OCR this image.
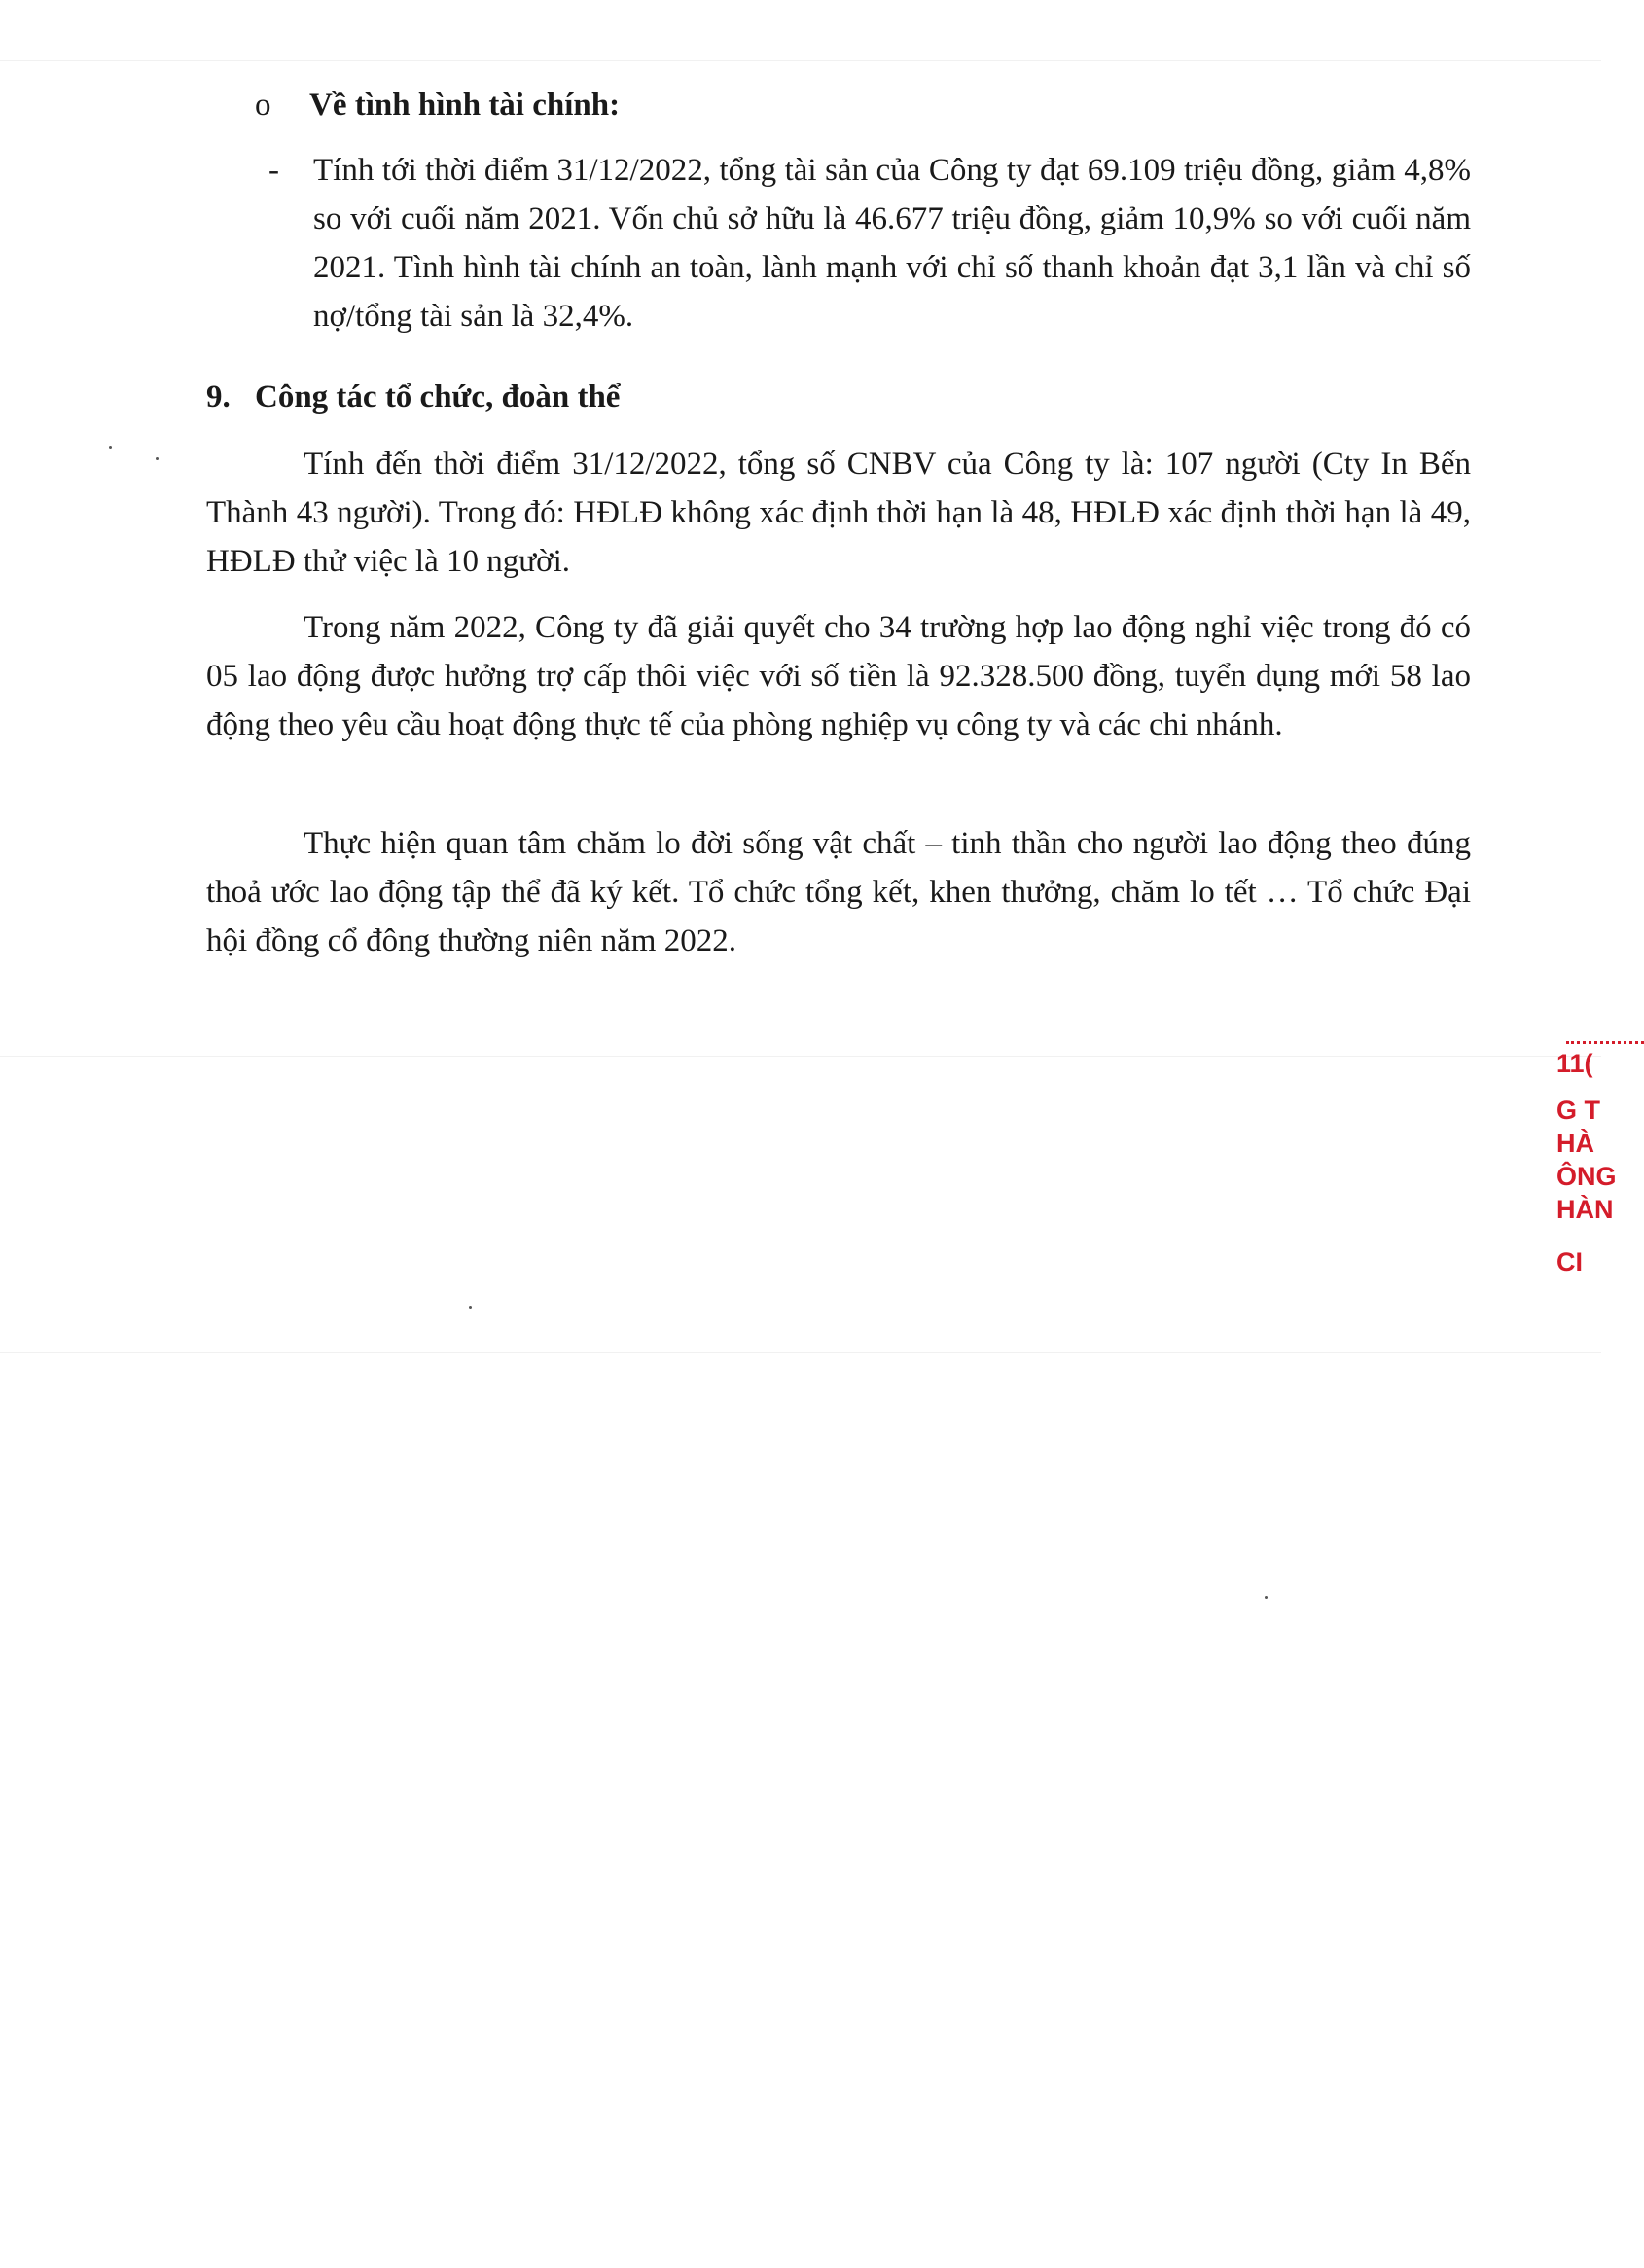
o Về tình hình tài chính:
- Tính tới thời điểm 31/12/2022, tổng tài sản của Công ty đạt 69.109 triệu đồng, giảm 4,8% so với cuối năm 2021. Vốn chủ sở hữu là 46.677 triệu đồng, giảm 10,9% so với cuối năm 2021. Tình hình tài chính an toàn, lành mạnh với chỉ số thanh khoản đạt 3,1 lần và chỉ số nợ/tổng tài sản là 32,4%.

9. Công tác tổ chức, đoàn thể

Tính đến thời điểm 31/12/2022, tổng số CNBV của Công ty là: 107 người (Cty In Bến Thành 43 người). Trong đó: HĐLĐ không xác định thời hạn là 48, HĐLĐ xác định thời hạn là 49, HĐLĐ thử việc là 10 người.

Trong năm 2022, Công ty đã giải quyết cho 34 trường hợp lao động nghỉ việc trong đó có 05 lao động được hưởng trợ cấp thôi việc với số tiền là 92.328.500 đồng, tuyển dụng mới 58 lao động theo yêu cầu hoạt động thực tế của phòng nghiệp vụ công ty và các chi nhánh.

Thực hiện quan tâm chăm lo đời sống vật chất – tinh thần cho người lao động theo đúng thoả ước lao động tập thể đã ký kết. Tổ chức tổng kết, khen thưởng, chăm lo tết … Tổ chức Đại hội đồng cổ đông thường niên năm 2022.

11(
G T
HÀ
ÔNG
HÀN
CI
